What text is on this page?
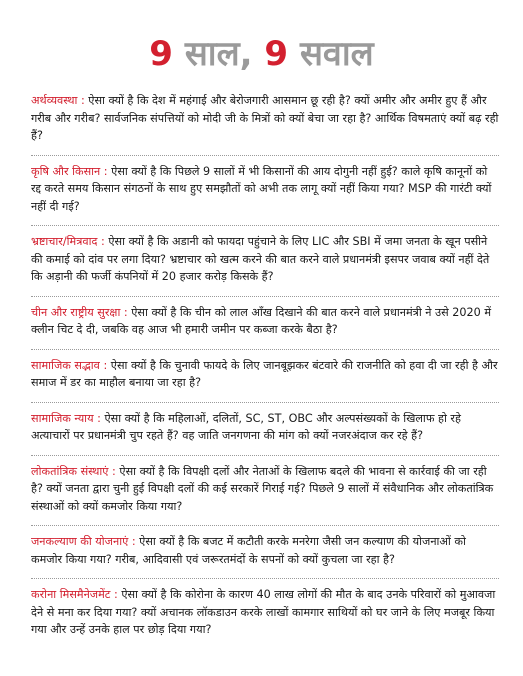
9 साल, 9 सवाल
अर्थव्यवस्था : ऐसा क्यों है कि देश में महंगाई और बेरोजगारी आसमान छू रही है? क्यों अमीर और अमीर हुए हैं और गरीब और गरीब? सार्वजनिक संपत्तियों को मोदी जी के मित्रों को क्यों बेचा जा रहा है? आर्थिक विषमताएं क्यों बढ़ रही हैं?
कृषि और किसान : ऐसा क्यों है कि पिछले 9 सालों में भी किसानों की आय दोगुनी नहीं हुई? काले कृषि कानूनों को रद्द करते समय किसान संगठनों के साथ हुए समझौतों को अभी तक लागू क्यों नहीं किया गया? MSP की गारंटी क्यों नहीं दी गई?
भ्रष्टाचार/मित्रवाद : ऐसा क्यों है कि अडानी को फायदा पहुंचाने के लिए LIC और SBI में जमा जनता के खून पसीने की कमाई को दांव पर लगा दिया? भ्रष्टाचार को खत्म करने की बात करने वाले प्रधानमंत्री इसपर जवाब क्यों नहीं देते कि अड़ानी की फर्जी कंपनियों में 20 हजार करोड़ किसके हैं?
चीन और राष्ट्रीय सुरक्षा : ऐसा क्यों है कि चीन को लाल आँख दिखाने की बात करने वाले प्रधानमंत्री ने उसे 2020 में क्लीन चिट दे दी, जबकि वह आज भी हमारी जमीन पर कब्जा करके बैठा है?
सामाजिक सद्भाव : ऐसा क्यों है कि चुनावी फायदे के लिए जानबूझकर बंटवारे की राजनीति को हवा दी जा रही है और समाज में डर का माहौल बनाया जा रहा है?
सामाजिक न्याय : ऐसा क्यों है कि महिलाओं, दलितों, SC, ST, OBC और अल्पसंख्यकों के खिलाफ हो रहे अत्याचारों पर प्रधानमंत्री चुप रहते हैं? वह जाति जनगणना की मांग को क्यों नजरअंदाज कर रहे हैं?
लोकतांत्रिक संस्थाएं : ऐसा क्यों है कि विपक्षी दलों और नेताओं के खिलाफ बदले की भावना से कार्रवाई की जा रही है? क्यों जनता द्वारा चुनी हुई विपक्षी दलों की कई सरकारें गिराई गई? पिछले 9 सालों में संवैधानिक और लोकतांत्रिक संस्थाओं को क्यों कमजोर किया गया?
जनकल्याण की योजनाएं : ऐसा क्यों है कि बजट में कटौती करके मनरेगा जैसी जन कल्याण की योजनाओं को कमजोर किया गया? गरीब, आदिवासी एवं जरूरतमंदों के सपनों को क्यों कुचला जा रहा है?
करोना मिसमैनेजमेंट : ऐसा क्यों है कि कोरोना के कारण 40 लाख लोगों की मौत के बाद उनके परिवारों को मुआवजा देने से मना कर दिया गया? क्यों अचानक लॉकडाउन करके लाखों कामगार साथियों को घर जाने के लिए मजबूर किया गया और उन्हें उनके हाल पर छोड़ दिया गया?
